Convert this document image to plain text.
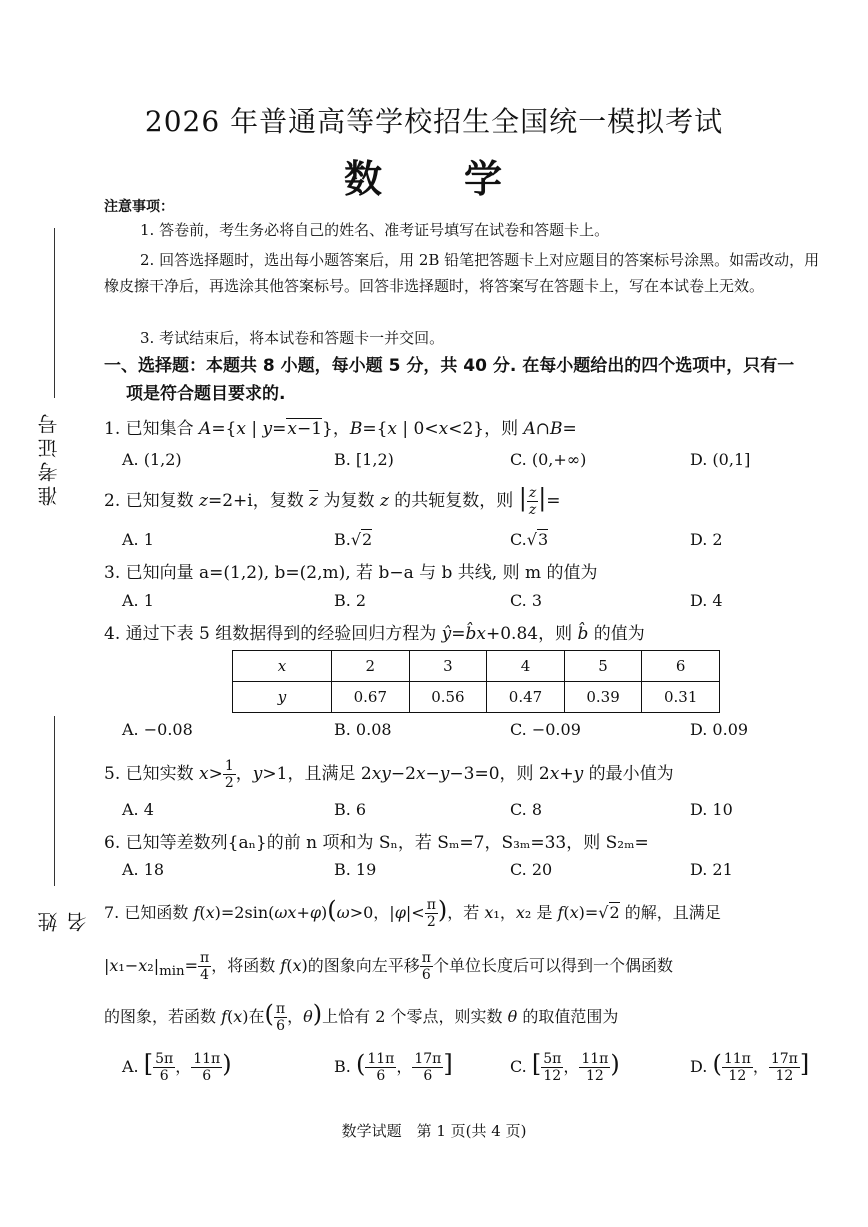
准考证号
姓名
2026 年普通高等学校招生全国统一模拟考试
数　学
注意事项：
1. 答卷前，考生务必将自己的姓名、准考证号填写在试卷和答题卡上。
2. 回答选择题时，选出每小题答案后，用 2B 铅笔把答题卡上对应题目的答案标号涂黑。如需改动，用橡皮擦干净后，再选涂其他答案标号。回答非选择题时，将答案写在答题卡上，写在本试卷上无效。
3. 考试结束后，将本试卷和答题卡一并交回。
一、选择题：本题共 8 小题，每小题 5 分，共 40 分. 在每小题给出的四个选项中，只有一
项是符合题目要求的.
1. 已知集合 A={x | y=x−1}，B={x | 0<x<2}，则 A∩B=
A. (1,2)	B. [1,2)	C. (0,+∞)	D. (0,1]
2. 已知复数 z=2+i，复数 $\overline{z}$ 为复数 z 的共轭复数，则 | $\frac{z}{z}$ |=
A. 1	B.√2	C.√3	D. 2
3. 已知向量 a=(1,2), b=(2,m), 若 b−a 与 b 共线, 则 m 的值为
A. 1	B. 2	C. 3	D. 4
4. 通过下表 5 组数据得到的经验回归方程为 ŷ=b̂x+0.84，则 b̂ 的值为
x	2	3	4	5	6
y	0.67	0.56	0.47	0.39	0.31
A. −0.08	B. 0.08	C. −0.09	D. 0.09
5. 已知实数 $x> \frac{1}{2}$ ，y>1，且满足 2xy−2x−y−3=0，则 2x+y 的最小值为
A. 4	B. 6	C. 8	D. 10
6. 已知等差数列{aₙ}的前 n 项和为 Sₙ，若 Sₘ=7，S₃ₘ=33，则 S₂ₘ=
A. 18	B. 19	C. 20	D. 21
7. 已知函数 f(x)=2sin(ωx+φ)(ω>0，$|\varphi|< \frac{\pi}{2}$ )，若 x₁，x₂ 是 f(x)=√2 的解，且满足
$|x_1-x_2|_{min}= \frac{\pi}{4}$ ，将函数 f(x)的图象向左平移 $\frac{\pi}{6}$ 个单位长度后可以得到一个偶函数
的图象，若函数 f(x)在( $\frac{\pi}{6}$ ，θ)上恰有 2 个零点，则实数 θ 的取值范围为
A. [ $\frac{5\pi}{6}$ ， $\frac{11\pi}{6}$ )	B. ( $\frac{11\pi}{6}$ ， $\frac{17\pi}{6}$ ]	C. [ $\frac{5\pi}{12}$ ， $\frac{11\pi}{12}$ )	D. ( $\frac{11\pi}{12}$ ， $\frac{17\pi}{12}$ ]
数学试题　第 1 页(共 4 页)
